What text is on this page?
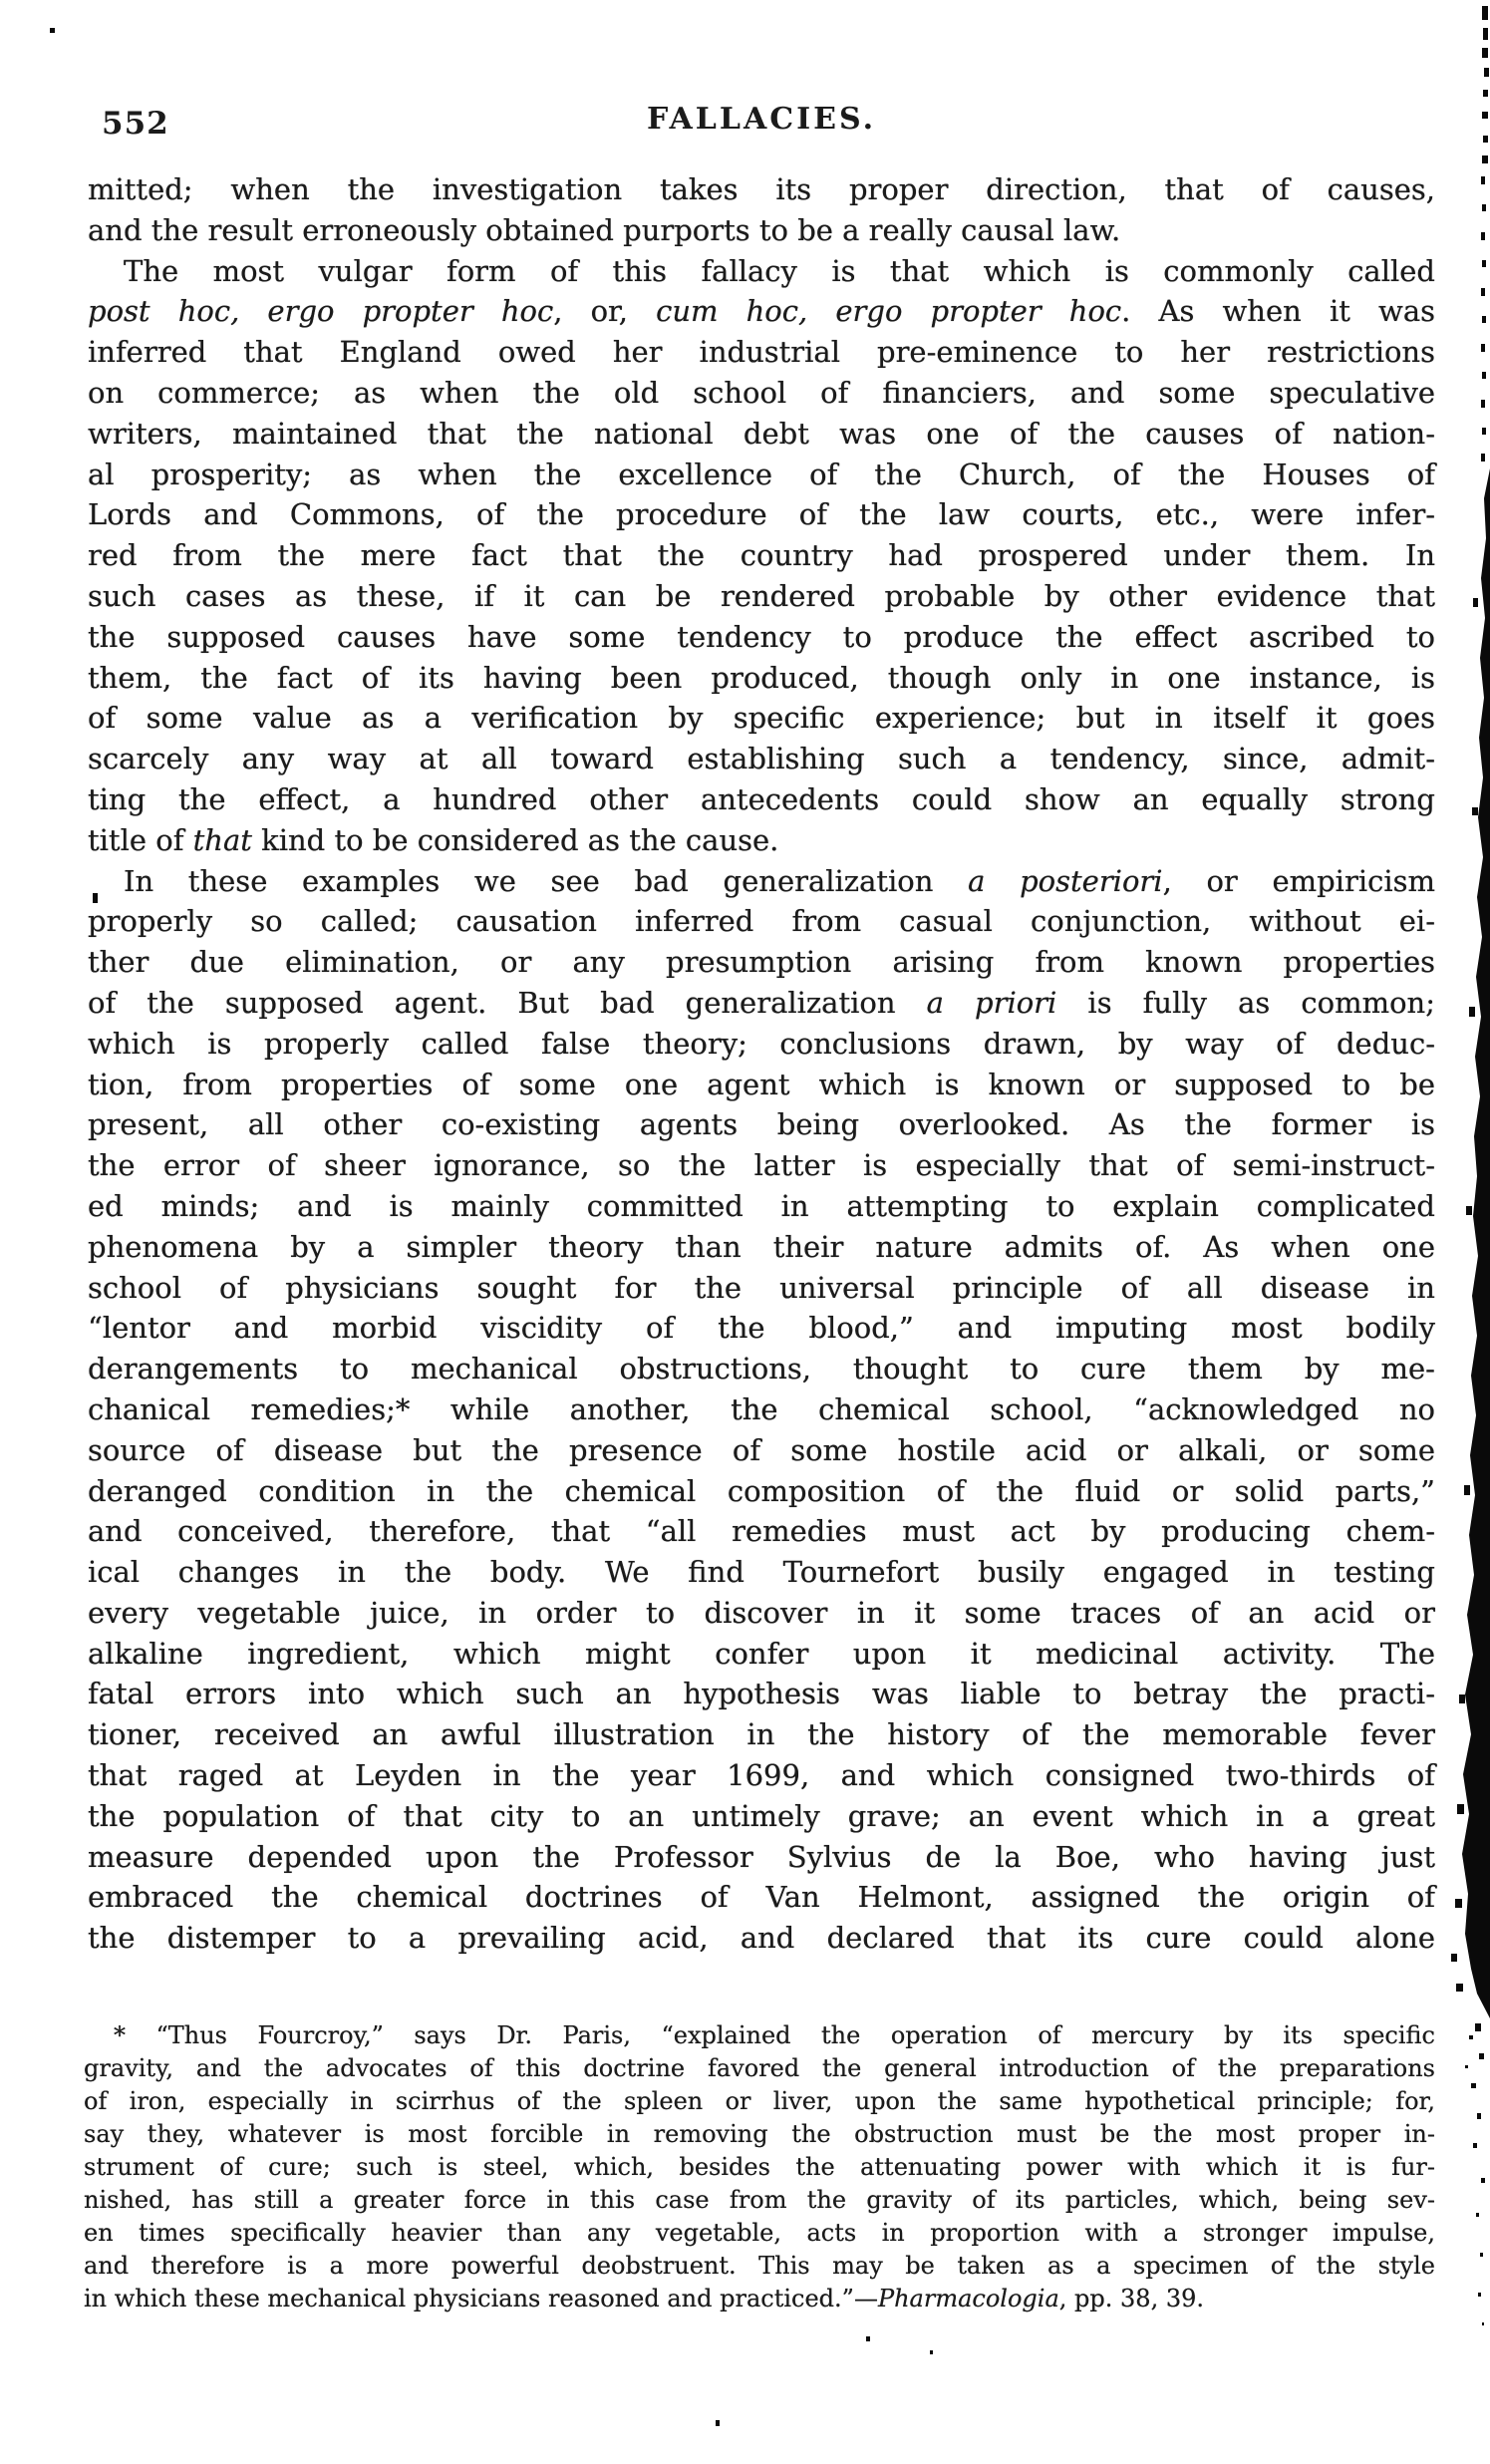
552	FALLACIES.
mitted; when the investigation takes its proper direction, that of causes,
and the result erroneously obtained purports to be a really causal law.
The most vulgar form of this fallacy is that which is commonly called
post hoc, ergo propter hoc, or, cum hoc, ergo propter hoc. As when it was
inferred that England owed her industrial pre-eminence to her restrictions
on commerce; as when the old school of financiers, and some speculative
writers, maintained that the national debt was one of the causes of nation-
al prosperity; as when the excellence of the Church, of the Houses of
Lords and Commons, of the procedure of the law courts, etc., were infer-
red from the mere fact that the country had prospered under them. In
such cases as these, if it can be rendered probable by other evidence that
the supposed causes have some tendency to produce the effect ascribed to
them, the fact of its having been produced, though only in one instance, is
of some value as a verification by specific experience; but in itself it goes
scarcely any way at all toward establishing such a tendency, since, admit-
ting the effect, a hundred other antecedents could show an equally strong
title of that kind to be considered as the cause.
In these examples we see bad generalization a posteriori, or empiricism
properly so called; causation inferred from casual conjunction, without ei-
ther due elimination, or any presumption arising from known properties
of the supposed agent. But bad generalization a priori is fully as common;
which is properly called false theory; conclusions drawn, by way of deduc-
tion, from properties of some one agent which is known or supposed to be
present, all other co-existing agents being overlooked. As the former is
the error of sheer ignorance, so the latter is especially that of semi-instruct-
ed minds; and is mainly committed in attempting to explain complicated
phenomena by a simpler theory than their nature admits of. As when one
school of physicians sought for the universal principle of all disease in
“lentor and morbid viscidity of the blood,” and imputing most bodily
derangements to mechanical obstructions, thought to cure them by me-
chanical remedies;* while another, the chemical school, “acknowledged no
source of disease but the presence of some hostile acid or alkali, or some
deranged condition in the chemical composition of the fluid or solid parts,”
and conceived, therefore, that “all remedies must act by producing chem-
ical changes in the body. We find Tournefort busily engaged in testing
every vegetable juice, in order to discover in it some traces of an acid or
alkaline ingredient, which might confer upon it medicinal activity. The
fatal errors into which such an hypothesis was liable to betray the practi-
tioner, received an awful illustration in the history of the memorable fever
that raged at Leyden in the year 1699, and which consigned two-thirds of
the population of that city to an untimely grave; an event which in a great
measure depended upon the Professor Sylvius de la Boe, who having just
embraced the chemical doctrines of Van Helmont, assigned the origin of
the distemper to a prevailing acid, and declared that its cure could alone
* “Thus Fourcroy,” says Dr. Paris, “explained the operation of mercury by its specific
gravity, and the advocates of this doctrine favored the general introduction of the preparations
of iron, especially in scirrhus of the spleen or liver, upon the same hypothetical principle; for,
say they, whatever is most forcible in removing the obstruction must be the most proper in-
strument of cure; such is steel, which, besides the attenuating power with which it is fur-
nished, has still a greater force in this case from the gravity of its particles, which, being sev-
en times specifically heavier than any vegetable, acts in proportion with a stronger impulse,
and therefore is a more powerful deobstruent. This may be taken as a specimen of the style
in which these mechanical physicians reasoned and practiced.”—Pharmacologia, pp. 38, 39.
